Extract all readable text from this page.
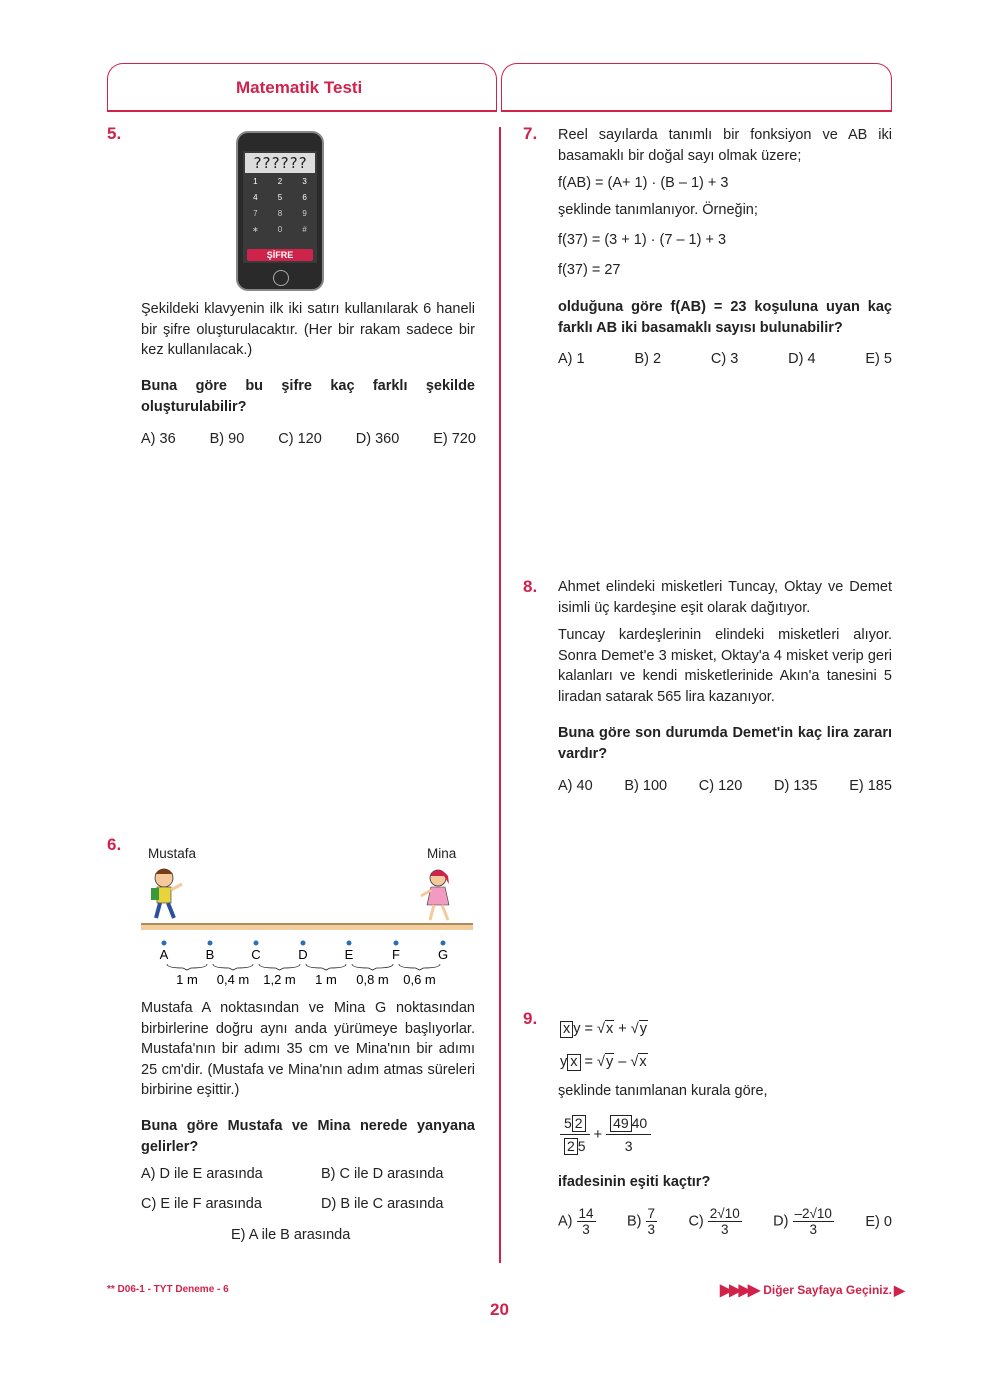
Matematik Testi
5.
??????
1	2	3
4	5	6
7	8	9
∗	0	#
ŞİFRE
Şekildeki klavyenin ilk iki satırı kullanılarak 6 haneli bir şifre oluşturulacaktır. (Her bir rakam sadece bir kez kullanılacak.)
Buna göre bu şifre kaç farklı şekilde oluşturulabilir?
A) 36 B) 90 C) 120 D) 360 E) 720
6. Mustafa	Mina
A	B	C	D	E	F	G
1 m 0,4 m 1,2 m 1 m 0,8 m 0,6 m
Mustafa A noktasından ve Mina G noktasından birbirlerine doğru aynı anda yürümeye başlıyorlar. Mustafa'nın bir adımı 35 cm ve Mina'nın bir adımı 25 cm'dir. (Mustafa ve Mina'nın adım atmas süreleri birbirine eşittir.)
Buna göre Mustafa ve Mina nerede yanyana gelirler?
A) D ile E arasında	B) C ile D arasında
C) E ile F arasında	D) B ile C arasında
E) A ile B arasında
7. Reel sayılarda tanımlı bir fonksiyon ve AB iki basamaklı bir doğal sayı olmak üzere;
f(AB) = (A+ 1) · (B – 1) + 3
şeklinde tanımlanıyor. Örneğin;
f(37) = (3 + 1) · (7 – 1) + 3
f(37) = 27
olduğuna göre f(AB) = 23 koşuluna uyan kaç farklı AB iki basamaklı sayısı bulunabilir?
A) 1	B) 2	C) 3	D) 4	E) 5
8. Ahmet elindeki misketleri Tuncay, Oktay ve Demet isimli üç kardeşine eşit olarak dağıtıyor.
Tuncay kardeşlerinin elindeki misketleri alıyor. Sonra Demet'e 3 misket, Oktay'a 4 misket verip geri kalanları ve kendi misketlerinide Akın'a tanesini 5 liradan satarak 565 lira kazanıyor.
Buna göre son durumda Demet'in kaç lira zararı vardır?
A) 40 B) 100 C) 120 D) 135 E) 185
9.
x y = √x + √y
y x = √y – √x
şeklinde tanımlanan kurala göre,
$\frac{5 2}{2 5} + \frac{49 40}{3}$
ifadesinin eşiti kaçtır?
$A) \frac{14}{3} B) \frac{7}{3} C) \frac{2√10}{3} D) \frac{-2√10}{3} E$) 0
** D06-1 - TYT Deneme - 6
20
▶▶▶▶ Diğer Sayfaya Geçiniz. ▶
